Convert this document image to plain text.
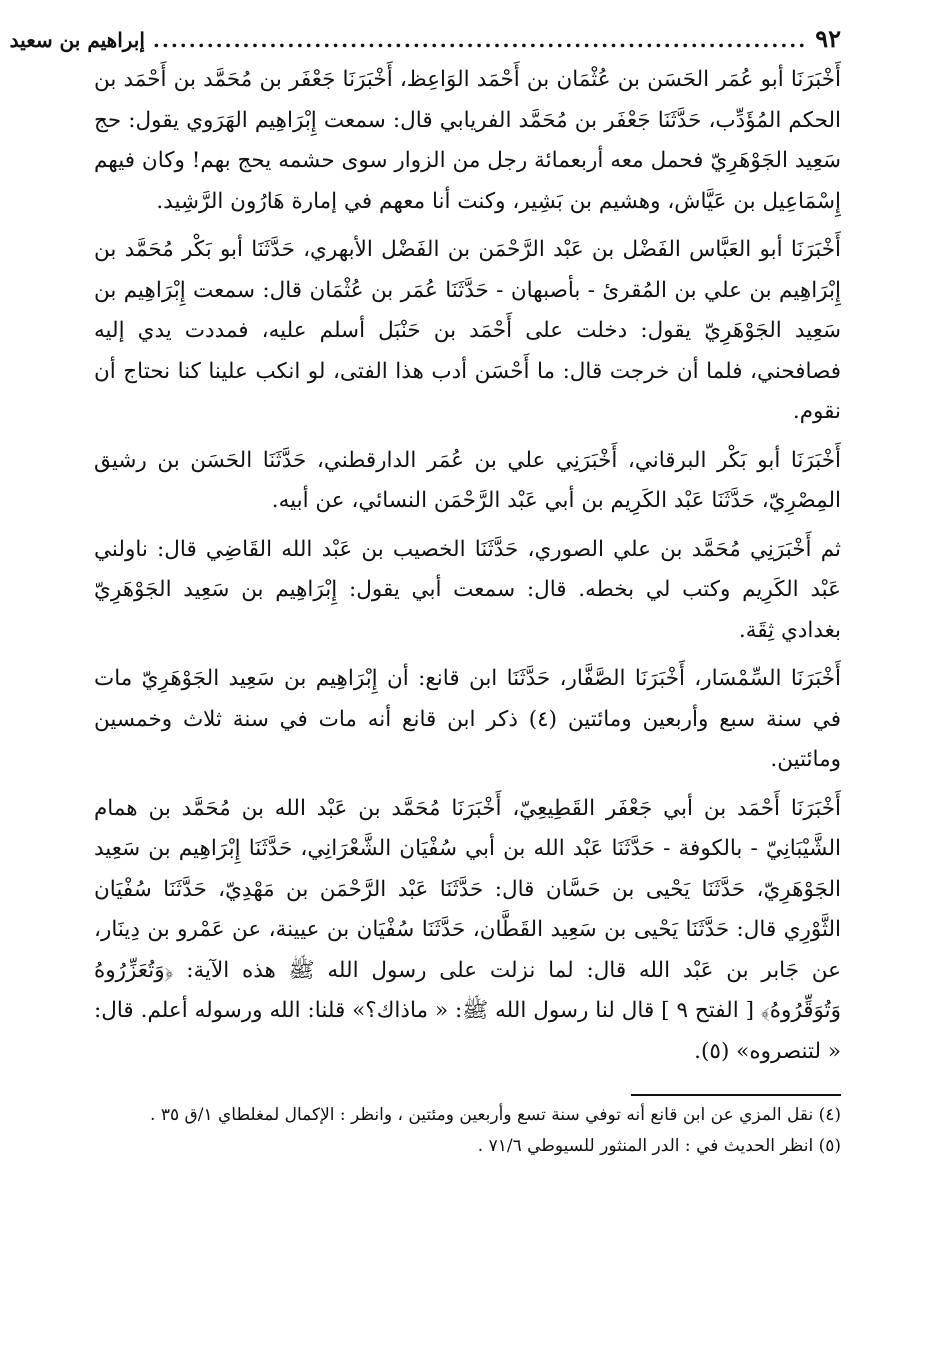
٩٢
.........................................................................
إبراهيم بن سعيد

أَخْبَرَنَا أبو عُمَر الحَسَن بن عُثْمَان بن أَحْمَد الوَاعِظ، أَخْبَرَنَا جَعْفَر بن مُحَمَّد بن أَحْمَد بن الحكم المُؤَدِّب، حَدَّثَنَا جَعْفَر بن مُحَمَّد الفريابي قال: سمعت إِبْرَاهِيم الهَرَوي يقول: حج سَعِيد الجَوْهَرِيّ فحمل معه أربعمائة رجل من الزوار سوى حشمه يحج بهم! وكان فيهم إِسْمَاعِيل بن عَيَّاش، وهشيم بن بَشِير، وكنت أنا معهم في إمارة هَارُون الرَّشِيد.

أَخْبَرَنَا أبو العَبَّاس الفَضْل بن عَبْد الرَّحْمَن بن الفَضْل الأبهري، حَدَّثَنَا أبو بَكْر مُحَمَّد بن إِبْرَاهِيم بن علي بن المُقرئ - بأصبهان - حَدَّثَنَا عُمَر بن عُثْمَان قال: سمعت إِبْرَاهِيم بن سَعِيد الجَوْهَرِيّ يقول: دخلت على أَحْمَد بن حَنْبَل أسلم عليه، فمددت يدي إليه فصافحني، فلما أن خرجت قال: ما أَحْسَن أدب هذا الفتى، لو انكب علينا كنا نحتاج أن نقوم.

أَخْبَرَنَا أبو بَكْر البرقاني، أَخْبَرَنِي علي بن عُمَر الدارقطني، حَدَّثَنَا الحَسَن بن رشيق المِصْرِيّ، حَدَّثَنَا عَبْد الكَرِيم بن أبي عَبْد الرَّحْمَن النسائي، عن أبيه.

ثم أَخْبَرَنِي مُحَمَّد بن علي الصوري، حَدَّثَنَا الخصيب بن عَبْد الله القَاضِي قال: ناولني عَبْد الكَرِيم وكتب لي بخطه. قال: سمعت أبي يقول: إِبْرَاهِيم بن سَعِيد الجَوْهَرِيّ بغدادي ثِقَة.

أَخْبَرَنَا السِّمْسَار، أَخْبَرَنَا الصَّفَّار، حَدَّثَنَا ابن قانع: أن إِبْرَاهِيم بن سَعِيد الجَوْهَرِيّ مات في سنة سبع وأربعين ومائتين (٤) ذكر ابن قانع أنه مات في سنة ثلاث وخمسين ومائتين.

أَخْبَرَنَا أَحْمَد بن أبي جَعْفَر القَطِيعِيّ، أَخْبَرَنَا مُحَمَّد بن عَبْد الله بن مُحَمَّد بن همام الشَّيْبَانِيّ - بالكوفة - حَدَّثَنَا عَبْد الله بن أبي سُفْيَان الشَّعْرَانِي، حَدَّثَنَا إِبْرَاهِيم بن سَعِيد الجَوْهَرِيّ، حَدَّثَنَا يَحْيى بن حَسَّان قال: حَدَّثَنَا عَبْد الرَّحْمَن بن مَهْدِيّ، حَدَّثَنَا سُفْيَان الثَّوْرِي قال: حَدَّثَنَا يَحْيى بن سَعِيد القَطَّان، حَدَّثَنَا سُفْيَان بن عيينة، عن عَمْرو بن دِينَار، عن جَابر بن عَبْد الله قال: لما نزلت على رسول الله ﷺ هذه الآية: ﴿وَتُعَزِّرُوهُ وَتُوَقِّرُوهُ﴾ [ الفتح ٩ ] قال لنا رسول الله ﷺ: « ماذاك؟» قلنا: الله ورسوله أعلم. قال: « لتنصروه» (٥).

(٤) نقل المزي عن ابن قانع أنه توفي سنة تسع وأربعين ومئتين ، وانظر : الإكمال لمغلطاي ١/ق ٣٥ .

(٥) انظر الحديث في : الدر المنثور للسيوطي ٧١/٦ .
